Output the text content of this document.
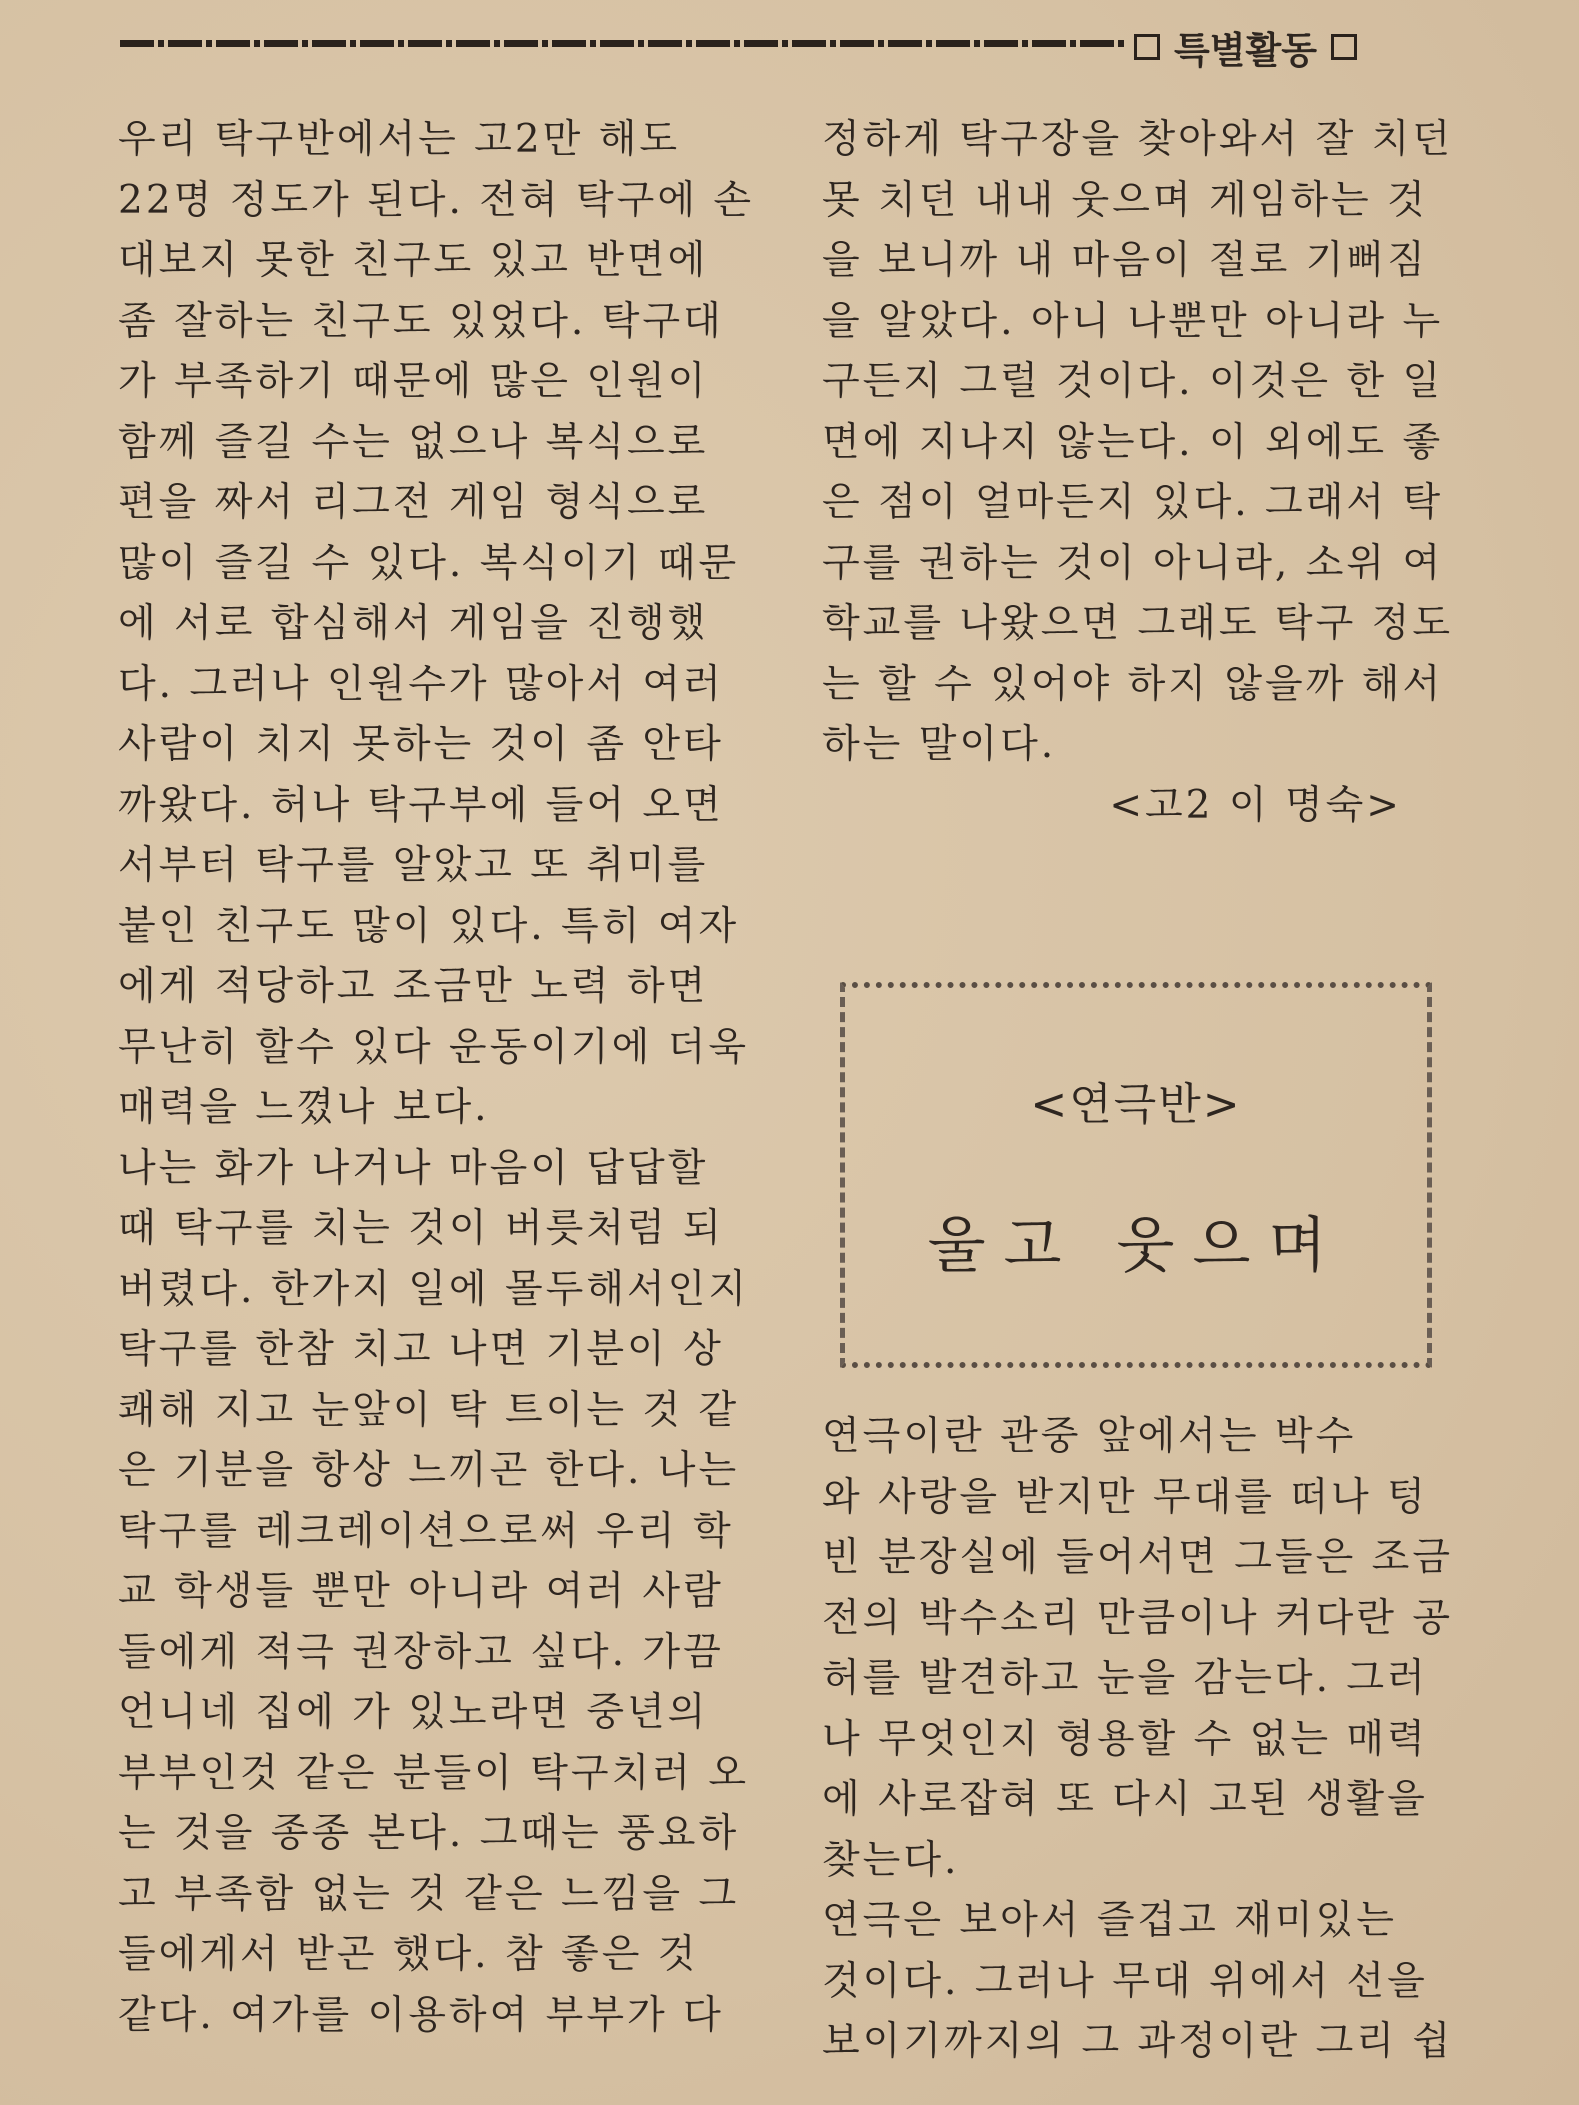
특별활동
우리 탁구반에서는 고2만 해도
22명 정도가 된다. 전혀 탁구에 손
대보지 못한 친구도 있고 반면에
좀 잘하는 친구도 있었다. 탁구대
가 부족하기 때문에 많은 인원이
함께 즐길 수는 없으나 복식으로
편을 짜서 리그전 게임 형식으로
많이 즐길 수 있다. 복식이기 때문
에 서로 합심해서 게임을 진행했
다. 그러나 인원수가 많아서 여러
사람이 치지 못하는 것이 좀 안타
까왔다. 허나 탁구부에 들어 오면
서부터 탁구를 알았고 또 취미를
붙인 친구도 많이 있다. 특히 여자
에게 적당하고 조금만 노력 하면
무난히 할수 있다 운동이기에 더욱
매력을 느꼈나 보다.
나는 화가 나거나 마음이 답답할
때 탁구를 치는 것이 버릇처럼 되
버렸다. 한가지 일에 몰두해서인지
탁구를 한참 치고 나면 기분이 상
쾌해 지고 눈앞이 탁 트이는 것 같
은 기분을 항상 느끼곤 한다. 나는
탁구를 레크레이션으로써 우리 학
교 학생들 뿐만 아니라 여러 사람
들에게 적극 권장하고 싶다. 가끔
언니네 집에 가 있노라면 중년의
부부인것 같은 분들이 탁구치러 오
는 것을 종종 본다. 그때는 풍요하
고 부족함 없는 것 같은 느낌을 그
들에게서 받곤 했다. 참 좋은 것
같다. 여가를 이용하여 부부가 다
정하게 탁구장을 찾아와서 잘 치던
못 치던 내내 웃으며 게임하는 것
을 보니까 내 마음이 절로 기뻐짐
을 알았다. 아니 나뿐만 아니라 누
구든지 그럴 것이다. 이것은 한 일
면에 지나지 않는다. 이 외에도 좋
은 점이 얼마든지 있다. 그래서 탁
구를 권하는 것이 아니라, 소위 여
학교를 나왔으면 그래도 탁구 정도
는 할 수 있어야 하지 않을까 해서
하는 말이다.
<고2 이 명숙>
<연극반>
울고 웃으며
연극이란 관중 앞에서는 박수
와 사랑을 받지만 무대를 떠나 텅
빈 분장실에 들어서면 그들은 조금
전의 박수소리 만큼이나 커다란 공
허를 발견하고 눈을 감는다. 그러
나 무엇인지 형용할 수 없는 매력
에 사로잡혀 또 다시 고된 생활을
찾는다.
연극은 보아서 즐겁고 재미있는
것이다. 그러나 무대 위에서 선을
보이기까지의 그 과정이란 그리 쉽
